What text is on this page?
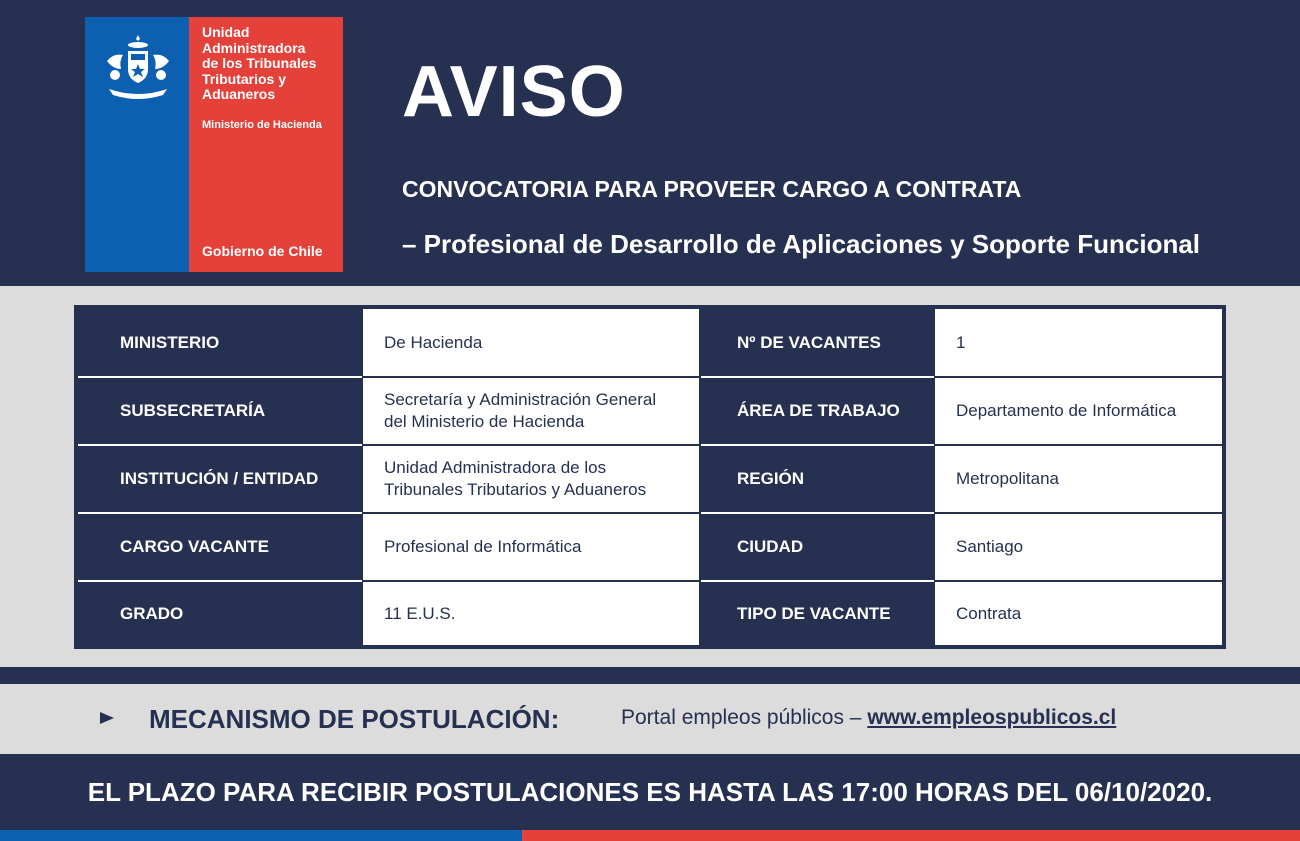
Unidad
Administradora
de los Tribunales
Tributarios y
Aduaneros
Ministerio de Hacienda
Gobierno de Chile
AVISO
CONVOCATORIA PARA PROVEER CARGO A CONTRATA
– Profesional de Desarrollo de Aplicaciones y Soporte Funcional
MINISTERIO
SUBSECRETARÍA
INSTITUCIÓN / ENTIDAD
CARGO VACANTE
GRADO
De Hacienda
Secretaría y Administración General
del Ministerio de Hacienda
Unidad Administradora de los
Tribunales Tributarios y Aduaneros
Profesional de Informática
11 E.U.S.
Nº DE VACANTES
ÁREA DE TRABAJO
REGIÓN
CIUDAD
TIPO DE VACANTE
1
Departamento de Informática
Metropolitana
Santiago
Contrata
MECANISMO DE POSTULACIÓN:	Portal empleos públicos – www.empleospublicos.cl
EL PLAZO PARA RECIBIR POSTULACIONES ES HASTA LAS 17:00 HORAS DEL 06/10/2020.
